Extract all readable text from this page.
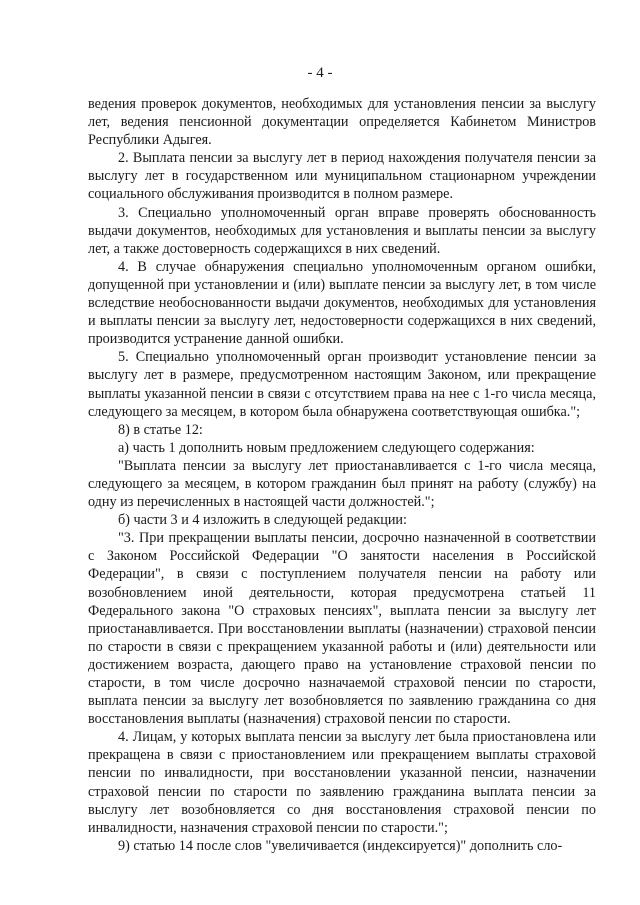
- 4 -

ведения проверок документов, необходимых для установления пенсии за выслугу лет, ведения пенсионной документации определяется Кабинетом Министров Республики Адыгея.

2. Выплата пенсии за выслугу лет в период нахождения получателя пенсии за выслугу лет в государственном или муниципальном стационарном учреждении социального обслуживания производится в полном размере.

3. Специально уполномоченный орган вправе проверять обоснованность выдачи документов, необходимых для установления и выплаты пенсии за выслугу лет, а также достоверность содержащихся в них сведений.

4. В случае обнаружения специально уполномоченным органом ошибки, допущенной при установлении и (или) выплате пенсии за выслугу лет, в том числе вследствие необоснованности выдачи документов, необходимых для установления и выплаты пенсии за выслугу лет, недостоверности содержащихся в них сведений, производится устранение данной ошибки.

5. Специально уполномоченный орган производит установление пенсии за выслугу лет в размере, предусмотренном настоящим Законом, или прекращение выплаты указанной пенсии в связи с отсутствием права на нее с 1-го числа месяца, следующего за месяцем, в котором была обнаружена соответствующая ошибка.";

8) в статье 12:

а) часть 1 дополнить новым предложением следующего содержания:

"Выплата пенсии за выслугу лет приостанавливается с 1-го числа месяца, следующего за месяцем, в котором гражданин был принят на работу (службу) на одну из перечисленных в настоящей части должностей.";

б) части 3 и 4 изложить в следующей редакции:

"3. При прекращении выплаты пенсии, досрочно назначенной в соответствии с Законом Российской Федерации "О занятости населения в Российской Федерации", в связи с поступлением получателя пенсии на работу или возобновлением иной деятельности, которая предусмотрена статьей 11 Федерального закона "О страховых пенсиях", выплата пенсии за выслугу лет приостанавливается. При восстановлении выплаты (назначении) страховой пенсии по старости в связи с прекращением указанной работы и (или) деятельности или достижением возраста, дающего право на установление страховой пенсии по старости, в том числе досрочно назначаемой страховой пенсии по старости, выплата пенсии за выслугу лет возобновляется по заявлению гражданина со дня восстановления выплаты (назначения) страховой пенсии по старости.

4. Лицам, у которых выплата пенсии за выслугу лет была приостановлена или прекращена в связи с приостановлением или прекращением выплаты страховой пенсии по инвалидности, при восстановлении указанной пенсии, назначении страховой пенсии по старости по заявлению гражданина выплата пенсии за выслугу лет возобновляется со дня восстановления страховой пенсии по инвалидности, назначения страховой пенсии по старости.";

9) статью 14 после слов "увеличивается (индексируется)" дополнить сло-
